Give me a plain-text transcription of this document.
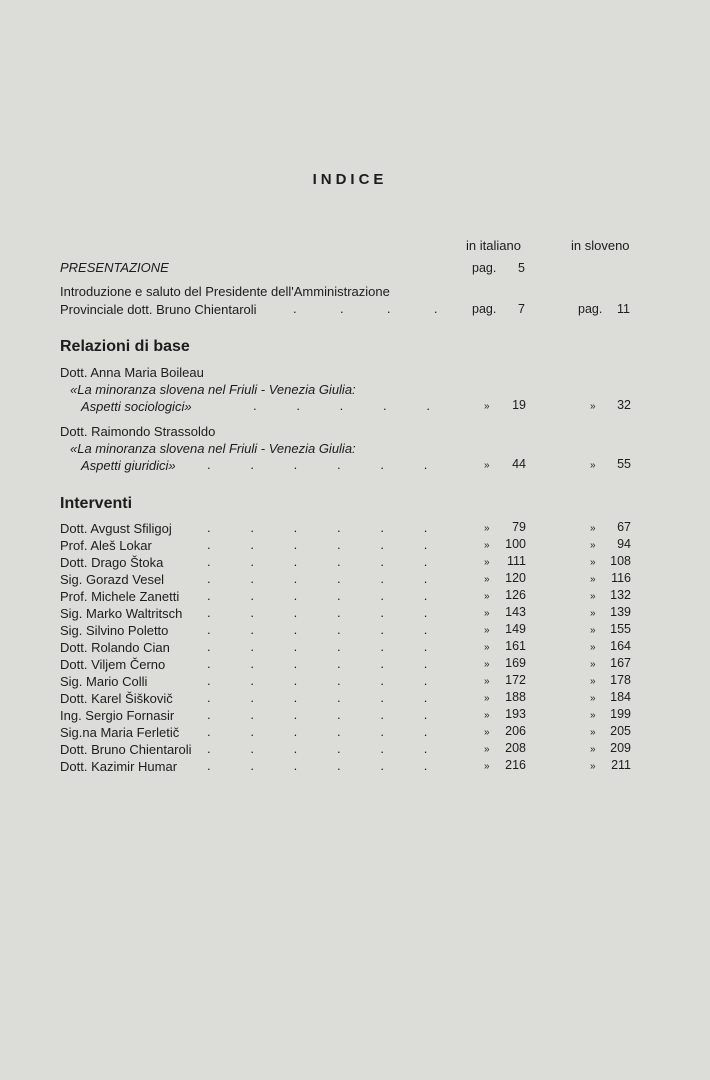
INDICE
in italiano	in sloveno
PRESENTAZIONE	pag. 5
Introduzione e saluto del Presidente dell'Amministrazione
Provinciale dott. Bruno Chientaroli	.            .            .            .	pag. 7	pag. 11
Relazioni di base
Dott. Anna Maria Boileau
«La minoranza slovena nel Friuli - Venezia Giulia:
Aspetti sociologici»	.           .           .           .           .	»	19	»	32
Dott. Raimondo Strassoldo
«La minoranza slovena nel Friuli - Venezia Giulia:
Aspetti giuridici» .           .           .           .           .           .	»	44	»	55
Interventi
Dott. Avgust Sfiligoj	.           .           .           .           .           .	»	79	»	67
Prof. Aleš Lokar	.           .           .           .           .           .	»	100	»	94
Dott. Drago Štoka	.           .           .           .           .           .	»	111	»	108
Sig. Gorazd Vesel	.           .           .           .           .           .	»	120	»	116
Prof. Michele Zanetti .           .           .           .           .           .	»	126	»	132
Sig. Marko Waltritsch .           .           .           .           .           .	»	143	»	139
Sig. Silvino Poletto	.           .           .           .           .           .	»	149	»	155
Dott. Rolando Cian	.           .           .           .           .           .	»	161	»	164
Dott. Viljem Černo	.           .           .           .           .           .	»	169	»	167
Sig. Mario Colli	.           .           .           .           .           .	»	172	»	178
Dott. Karel Šiškovič	.           .           .           .           .           .	»	188	»	184
Ing. Sergio Fornasir	.           .           .           .           .           .	»	193	»	199
Sig.na Maria Ferletič .           .           .           .           .           .	»	206	»	205
Dott. Bruno Chientaroli .           .           .           .           .           .	»	208	»	209
Dott. Kazimir Humar .           .           .           .           .           .	»	216	»	211
